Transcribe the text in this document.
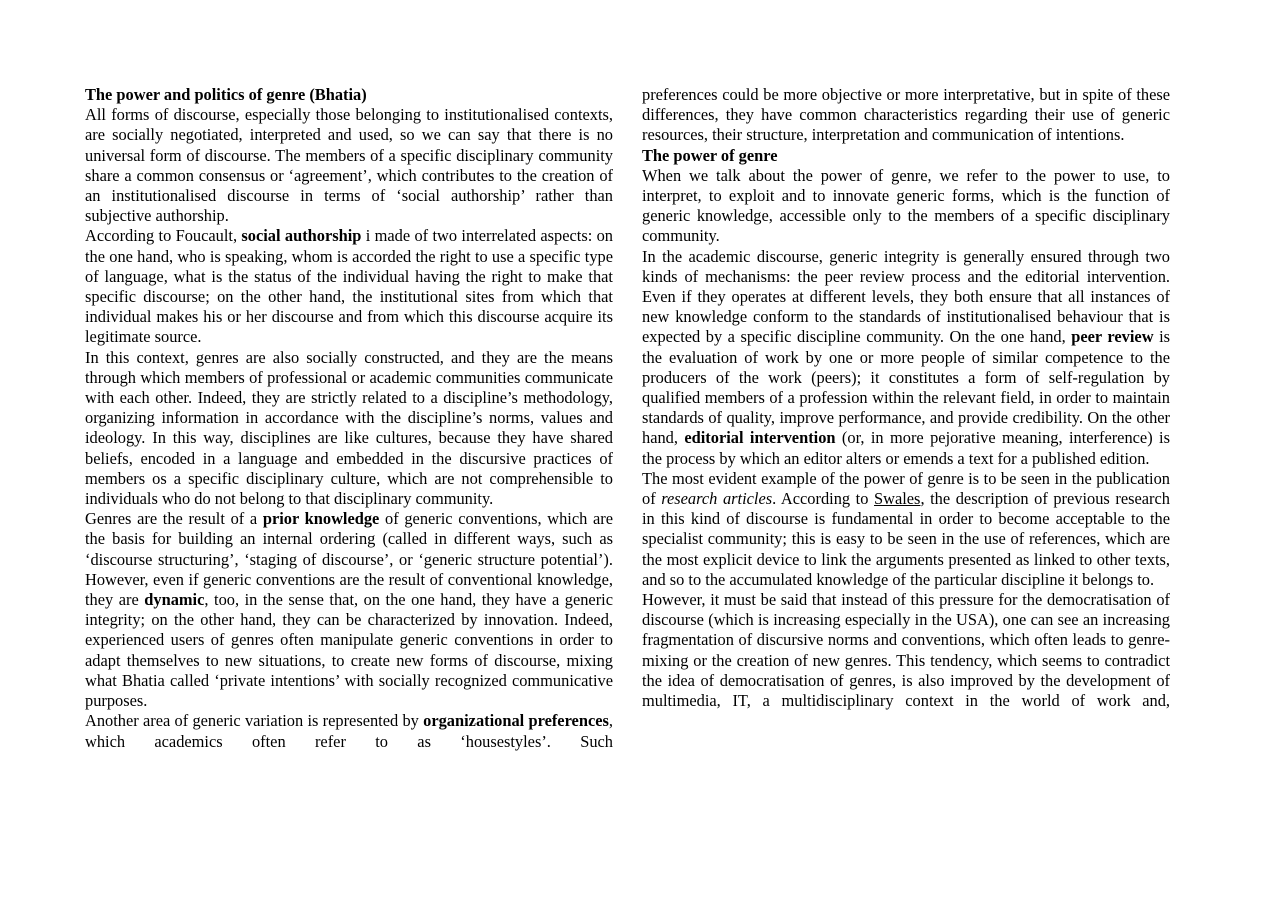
The power and politics of genre (Bhatia)

All forms of discourse, especially those belonging to institutionalised contexts, are socially negotiated, interpreted and used, so we can say that there is no universal form of discourse. The members of a specific disciplinary community share a common consensus or ‘agreement’, which contributes to the creation of an institutionalised discourse in terms of ‘social authorship’ rather than subjective authorship.

According to Foucault, social authorship i made of two interrelated aspects: on the one hand, who is speaking, whom is accorded the right to use a specific type of language, what is the status of the individual having the right to make that specific discourse; on the other hand, the institutional sites from which that individual makes his or her discourse and from which this discourse acquire its legitimate source.

In this context, genres are also socially constructed, and they are the means through which members of professional or academic communities communicate with each other. Indeed, they are strictly related to a discipline’s methodology, organizing information in accordance with the discipline’s norms, values and ideology. In this way, disciplines are like cultures, because they have shared beliefs, encoded in a language and embedded in the discursive practices of members os a specific disciplinary culture, which are not comprehensible to individuals who do not belong to that disciplinary community.

Genres are the result of a prior knowledge of generic conventions, which are the basis for building an internal ordering (called in different ways, such as ‘discourse structuring’, ‘staging of discourse’, or ‘generic structure potential’). However, even if generic conventions are the result of conventional knowledge, they are dynamic, too, in the sense that, on the one hand, they have a generic integrity; on the other hand, they can be characterized by innovation. Indeed, experienced users of genres often manipulate generic conventions in order to adapt themselves to new situations, to create new forms of discourse, mixing what Bhatia called ‘private intentions’ with socially recognized communicative purposes.

Another area of generic variation is represented by organizational preferences, which academics often refer to as ‘housestyles’. Such

preferences could be more objective or more interpretative, but in spite of these differences, they have common characteristics regarding their use of generic resources, their structure, interpretation and communication of intentions.

The power of genre

When we talk about the power of genre, we refer to the power to use, to interpret, to exploit and to innovate generic forms, which is the function of generic knowledge, accessible only to the members of a specific disciplinary community.

In the academic discourse, generic integrity is generally ensured through two kinds of mechanisms: the peer review process and the editorial intervention. Even if they operates at different levels, they both ensure that all instances of new knowledge conform to the standards of institutionalised behaviour that is expected by a specific discipline community. On the one hand, peer review is the evaluation of work by one or more people of similar competence to the producers of the work (peers); it constitutes a form of self-regulation by qualified members of a profession within the relevant field, in order to maintain standards of quality, improve performance, and provide credibility. On the other hand, editorial intervention (or, in more pejorative meaning, interference) is the process by which an editor alters or emends a text for a published edition.

The most evident example of the power of genre is to be seen in the publication of research articles. According to Swales, the description of previous research in this kind of discourse is fundamental in order to become acceptable to the specialist community; this is easy to be seen in the use of references, which are the most explicit device to link the arguments presented as linked to other texts, and so to the accumulated knowledge of the particular discipline it belongs to.

However, it must be said that instead of this pressure for the democratisation of discourse (which is increasing especially in the USA), one can see an increasing fragmentation of discursive norms and conventions, which often leads to genre-mixing or the creation of new genres. This tendency, which seems to contradict the idea of democratisation of genres, is also improved by the development of multimedia, IT, a multidisciplinary context in the world of work and,
